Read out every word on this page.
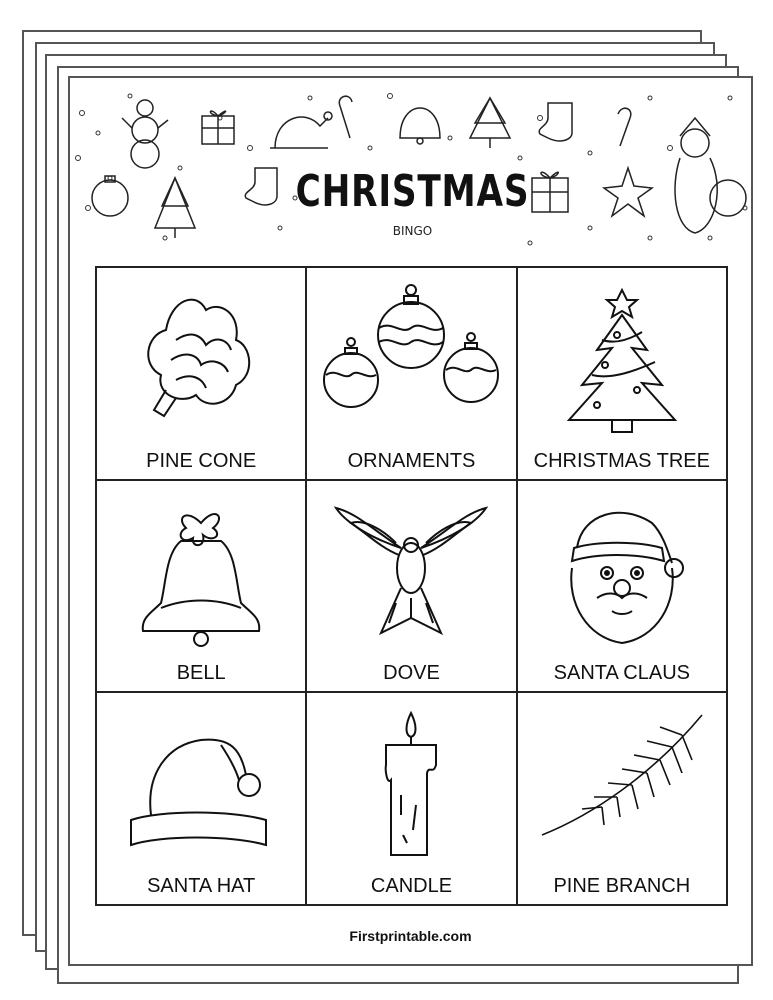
CHRISTMAS
BINGO
PINE CONE	ORNAMENTS	CHRISTMAS TREE
BELL	DOVE	SANTA CLAUS
SANTA HAT	CANDLE	PINE BRANCH
Firstprintable.com
